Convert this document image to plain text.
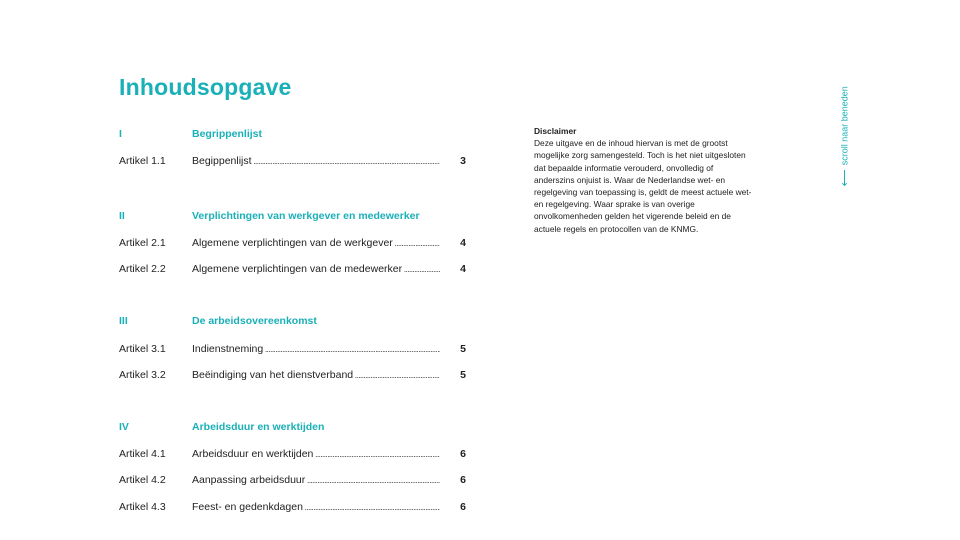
Inhoudsopgave
I	Begrippenlijst
Artikel 1.1	Begippenlijst .....	3
II	Verplichtingen van werkgever en medewerker
Artikel 2.1	Algemene verplichtingen van de werkgever .....	4
Artikel 2.2	Algemene verplichtingen van de medewerker .....	4
III	De arbeidsovereenkomst
Artikel 3.1	Indienstneming .....	5
Artikel 3.2	Beëindiging van het dienstverband .....	5
IV	Arbeidsduur en werktijden
Artikel 4.1	Arbeidsduur en werktijden .....	6
Artikel 4.2	Aanpassing arbeidsduur .....	6
Artikel 4.3	Feest- en gedenkdagen .....	6
Disclaimer
Deze uitgave en de inhoud hiervan is met de grootst
mogelijke zorg samengesteld. Toch is het niet uitgesloten
dat bepaalde informatie verouderd, onvolledig of
anderszins onjuist is. Waar de Nederlandse wet- en
regelgeving van toepassing is, geldt de meest actuele wet-
en regelgeving. Waar sprake is van overige
onvolkomenheden gelden het vigerende beleid en de
actuele regels en protocollen van de KNMG.
⟵
scroll naar beneden
